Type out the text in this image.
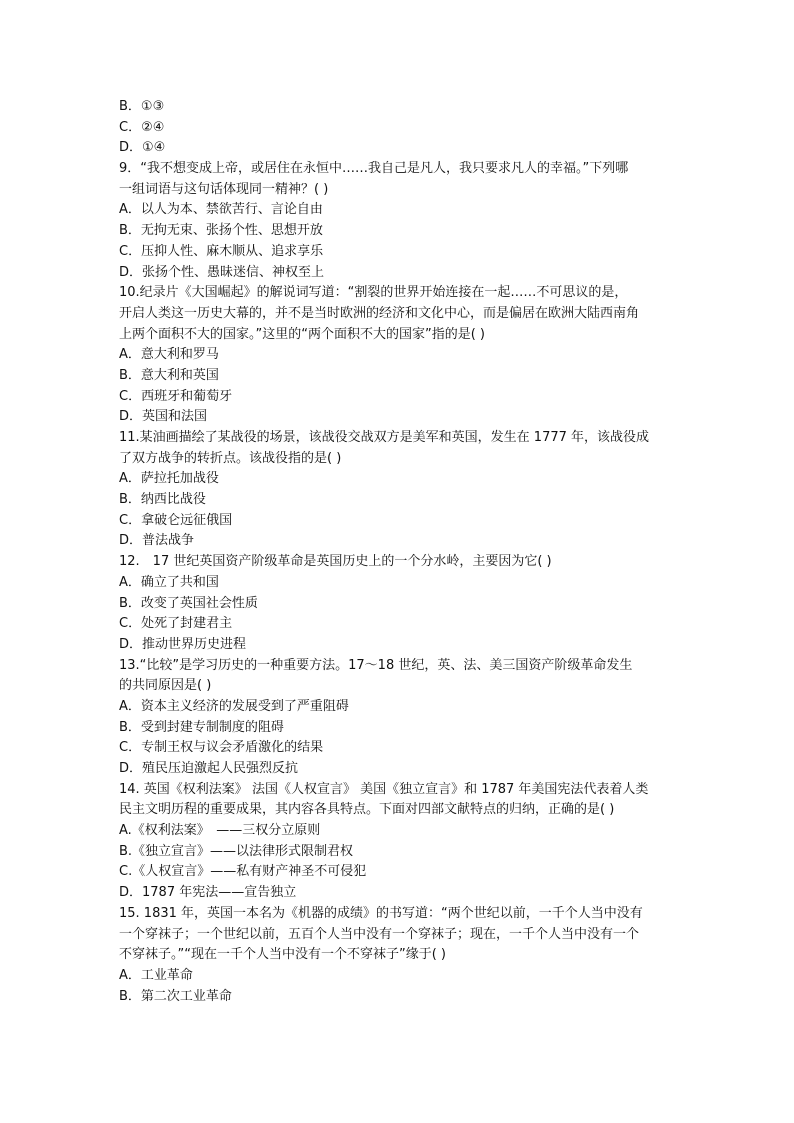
B．①③
C．②④
D．①④
9．“我不想变成上帝，或居住在永恒中……我自己是凡人，我只要求凡人的幸福。”下列哪
一组词语与这句话体现同一精神？( )
A．以人为本、禁欲苦行、言论自由
B．无拘无束、张扬个性、思想开放
C．压抑人性、麻木顺从、追求享乐
D．张扬个性、愚昧迷信、神权至上
10.纪录片《大国崛起》的解说词写道：“割裂的世界开始连接在一起……不可思议的是，
开启人类这一历史大幕的，并不是当时欧洲的经济和文化中心，而是偏居在欧洲大陆西南角
上两个面积不大的国家。”这里的“两个面积不大的国家”指的是( )
A．意大利和罗马
B．意大利和英国
C．西班牙和葡萄牙
D．英国和法国
11.某油画描绘了某战役的场景，该战役交战双方是美军和英国，发生在 1777 年，该战役成
了双方战争的转折点。该战役指的是( )
A．萨拉托加战役
B．纳西比战役
C．拿破仑远征俄国
D．普法战争
12.　17 世纪英国资产阶级革命是英国历史上的一个分水岭，主要因为它( )
A．确立了共和国
B．改变了英国社会性质
C．处死了封建君主
D．推动世界历史进程
13.“比较”是学习历史的一种重要方法。17～18 世纪，英、法、美三国资产阶级革命发生
的共同原因是( )
A．资本主义经济的发展受到了严重阻碍
B．受到封建专制制度的阻碍
C．专制王权与议会矛盾激化的结果
D．殖民压迫激起人民强烈反抗
14. 英国《权利法案》 法国《人权宣言》 美国《独立宣言》和 1787 年美国宪法代表着人类
民主文明历程的重要成果，其内容各具特点。下面对四部文献特点的归纳，正确的是( )
A.《权利法案》　——三权分立原则
B.《独立宣言》——以法律形式限制君权
C.《人权宣言》——私有财产神圣不可侵犯
D．1787 年宪法——宣告独立
15. 1831 年，英国一本名为《机器的成绩》的书写道：“两个世纪以前，一千个人当中没有
一个穿袜子；一个世纪以前，五百个人当中没有一个穿袜子；现在，一千个人当中没有一个
不穿袜子。”“现在一千个人当中没有一个不穿袜子”缘于( )
A．工业革命
B．第二次工业革命
